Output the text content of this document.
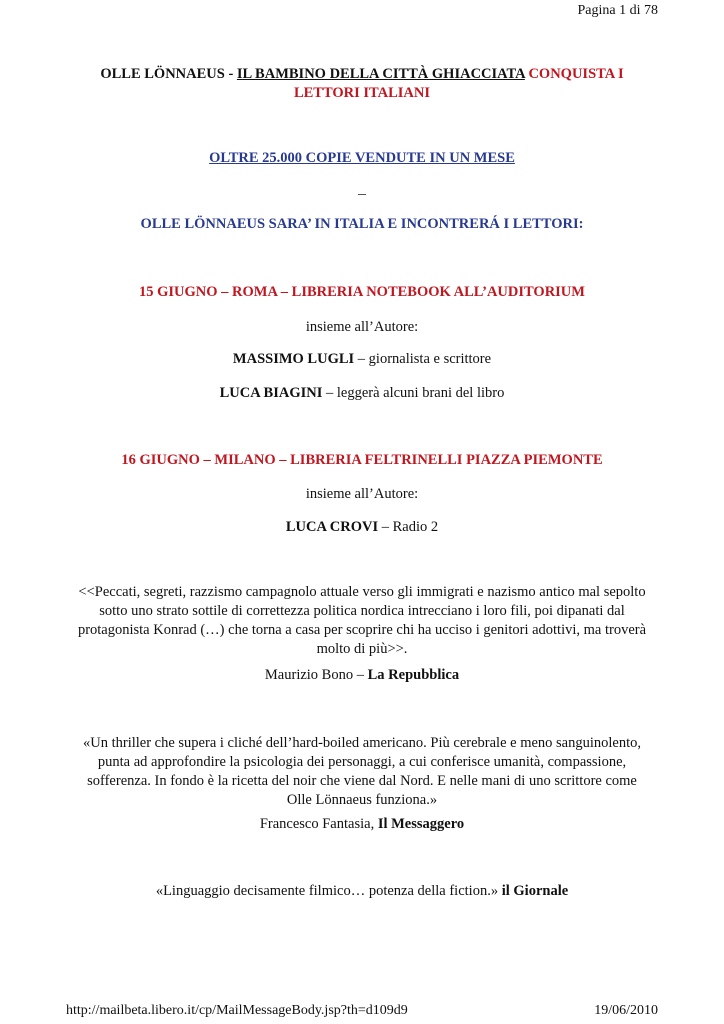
Pagina 1 di 78
OLLE LÖNNAEUS - IL BAMBINO DELLA CITTÀ GHIACCIATA CONQUISTA I
LETTORI ITALIANI
OLTRE 25.000 COPIE VENDUTE IN UN MESE
OLLE LÖNNAEUS SARA’ IN ITALIA E INCONTRERÁ I LETTORI:
15 GIUGNO – ROMA – LIBRERIA NOTEBOOK ALL’AUDITORIUM
insieme all’Autore:
MASSIMO LUGLI – giornalista e scrittore
LUCA BIAGINI – leggerà alcuni brani del libro
16 GIUGNO – MILANO – LIBRERIA FELTRINELLI PIAZZA PIEMONTE
insieme all’Autore:
LUCA CROVI – Radio 2
<<Peccati, segreti, razzismo campagnolo attuale verso gli immigrati e nazismo antico mal sepolto
sotto uno strato sottile di correttezza politica nordica intrecciano i loro fili, poi dipanati dal
protagonista Konrad (…) che torna a casa per scoprire chi ha ucciso i genitori adottivi, ma troverà
molto di più>>.
Maurizio Bono – La Repubblica
«Un thriller che supera i cliché dell’hard-boiled americano. Più cerebrale e meno sanguinolento,
punta ad approfondire la psicologia dei personaggi, a cui conferisce umanità, compassione,
sofferenza. In fondo è la ricetta del noir che viene dal Nord. E nelle mani di uno scrittore come
Olle Lönnaeus funziona.»
Francesco Fantasia, Il Messaggero
«Linguaggio decisamente filmico… potenza della fiction.» il Giornale
http://mailbeta.libero.it/cp/MailMessageBody.jsp?th=d109d9	19/06/2010
